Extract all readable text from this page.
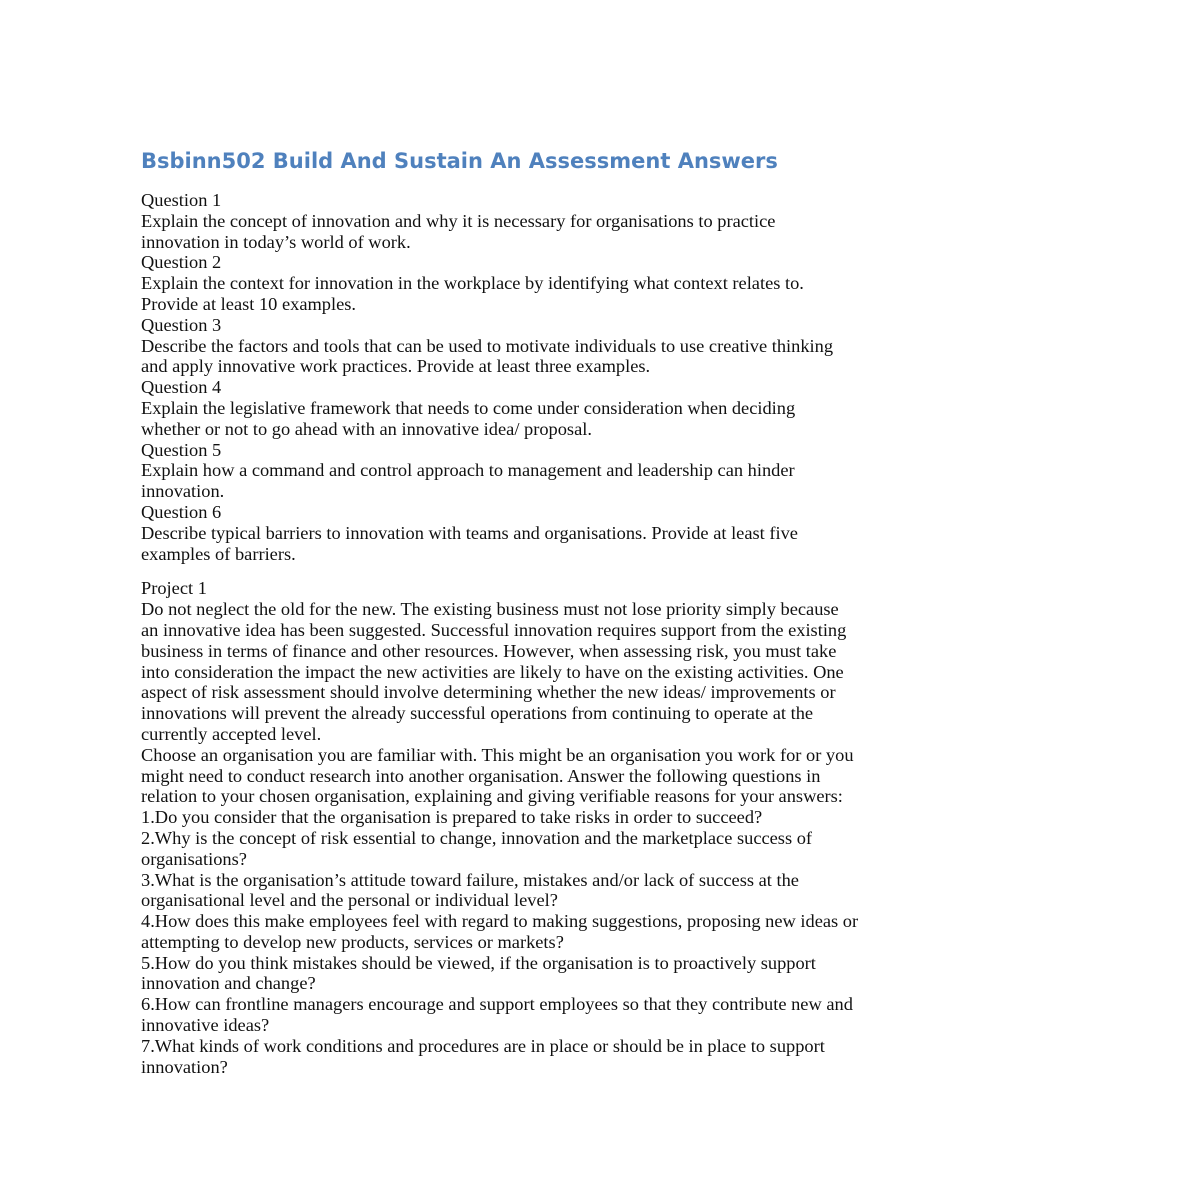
Bsbinn502 Build And Sustain An Assessment Answers
Question 1
Explain the concept of innovation and why it is necessary for organisations to practice
innovation in today’s world of work.
Question 2
Explain the context for innovation in the workplace by identifying what context relates to.
Provide at least 10 examples.
Question 3
Describe the factors and tools that can be used to motivate individuals to use creative thinking
and apply innovative work practices. Provide at least three examples.
Question 4
Explain the legislative framework that needs to come under consideration when deciding
whether or not to go ahead with an innovative idea/ proposal.
Question 5
Explain how a command and control approach to management and leadership can hinder
innovation.
Question 6
Describe typical barriers to innovation with teams and organisations. Provide at least five
examples of barriers.
Project 1
Do not neglect the old for the new. The existing business must not lose priority simply because
an innovative idea has been suggested. Successful innovation requires support from the existing
business in terms of finance and other resources. However, when assessing risk, you must take
into consideration the impact the new activities are likely to have on the existing activities. One
aspect of risk assessment should involve determining whether the new ideas/ improvements or
innovations will prevent the already successful operations from continuing to operate at the
currently accepted level.
Choose an organisation you are familiar with. This might be an organisation you work for or you
might need to conduct research into another organisation. Answer the following questions in
relation to your chosen organisation, explaining and giving verifiable reasons for your answers:
1.Do you consider that the organisation is prepared to take risks in order to succeed?
2.Why is the concept of risk essential to change, innovation and the marketplace success of
organisations?
3.What is the organisation’s attitude toward failure, mistakes and/or lack of success at the
organisational level and the personal or individual level?
4.How does this make employees feel with regard to making suggestions, proposing new ideas or
attempting to develop new products, services or markets?
5.How do you think mistakes should be viewed, if the organisation is to proactively support
innovation and change?
6.How can frontline managers encourage and support employees so that they contribute new and
innovative ideas?
7.What kinds of work conditions and procedures are in place or should be in place to support
innovation?
